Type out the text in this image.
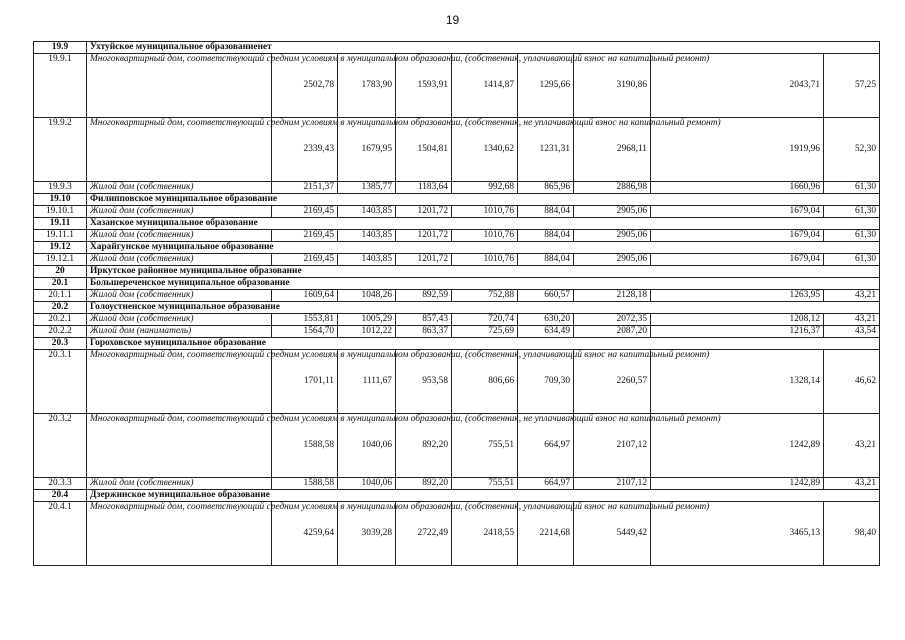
19
19.9	Ухтуйское муниципальное образованиенет								
19.9.1	Многоквартирный дом, соответствующий средним условиям в муниципальном образовании, (собственник, уплачивающий взнос на капитальный ремонт)	2502,78	1783,90	1593,91	1414,87	1295,66	3190,86	2043,71	57,25
19.9.2	Многоквартирный дом, соответствующий средним условиям в муниципальном образовании, (собственник, не уплачивающий взнос на капитальный ремонт)	2339,43	1679,95	1504,81	1340,62	1231,31	2968,11	1919,96	52,30
19.9.3	Жилой дом (собственник)	2151,37	1385,77	1183,64	992,68	865,96	2886,98	1660,96	61,30
19.10	Филипповское муниципальное образование								
19.10.1	Жилой дом (собственник)	2169,45	1403,85	1201,72	1010,76	884,04	2905,06	1679,04	61,30
19.11	Хазанское муниципальное образование								
19.11.1	Жилой дом (собственник)	2169,45	1403,85	1201,72	1010,76	884,04	2905,06	1679,04	61,30
19.12	Харайгунское муниципальное образование								
19.12.1	Жилой дом (собственник)	2169,45	1403,85	1201,72	1010,76	884,04	2905,06	1679,04	61,30
20	Иркутское районное муниципальное образование								
20.1	Большереченское муниципальное образование								
20.1.1	Жилой дом (собственник)	1609,64	1048,26	892,59	752,88	660,57	2128,18	1263,95	43,21
20.2	Голоустненское муниципальное образование								
20.2.1	Жилой дом (собственник)	1553,81	1005,29	857,43	720,74	630,20	2072,35	1208,12	43,21
20.2.2	Жилой дом (наниматель)	1564,70	1012,22	863,37	725,69	634,49	2087,20	1216,37	43,54
20.3	Гороховское муниципальное образование								
20.3.1	Многоквартирный дом, соответствующий средним условиям в муниципальном образовании, (собственник, уплачивающий взнос на капитальный ремонт)	1701,11	1111,67	953,58	806,66	709,30	2260,57	1328,14	46,62
20.3.2	Многоквартирный дом, соответствующий средним условиям в муниципальном образовании, (собственник, не уплачивающий взнос на капитальный ремонт)	1588,58	1040,06	892,20	755,51	664,97	2107,12	1242,89	43,21
20.3.3	Жилой дом (собственник)	1588,58	1040,06	892,20	755,51	664,97	2107,12	1242,89	43,21
20.4	Дзержинское муниципальное образование								
20.4.1	Многоквартирный дом, соответствующий средним условиям в муниципальном образовании, (собственник, уплачивающий взнос на капитальный ремонт)	4259,64	3039,28	2722,49	2418,55	2214,68	5449,42	3465,13	98,40
